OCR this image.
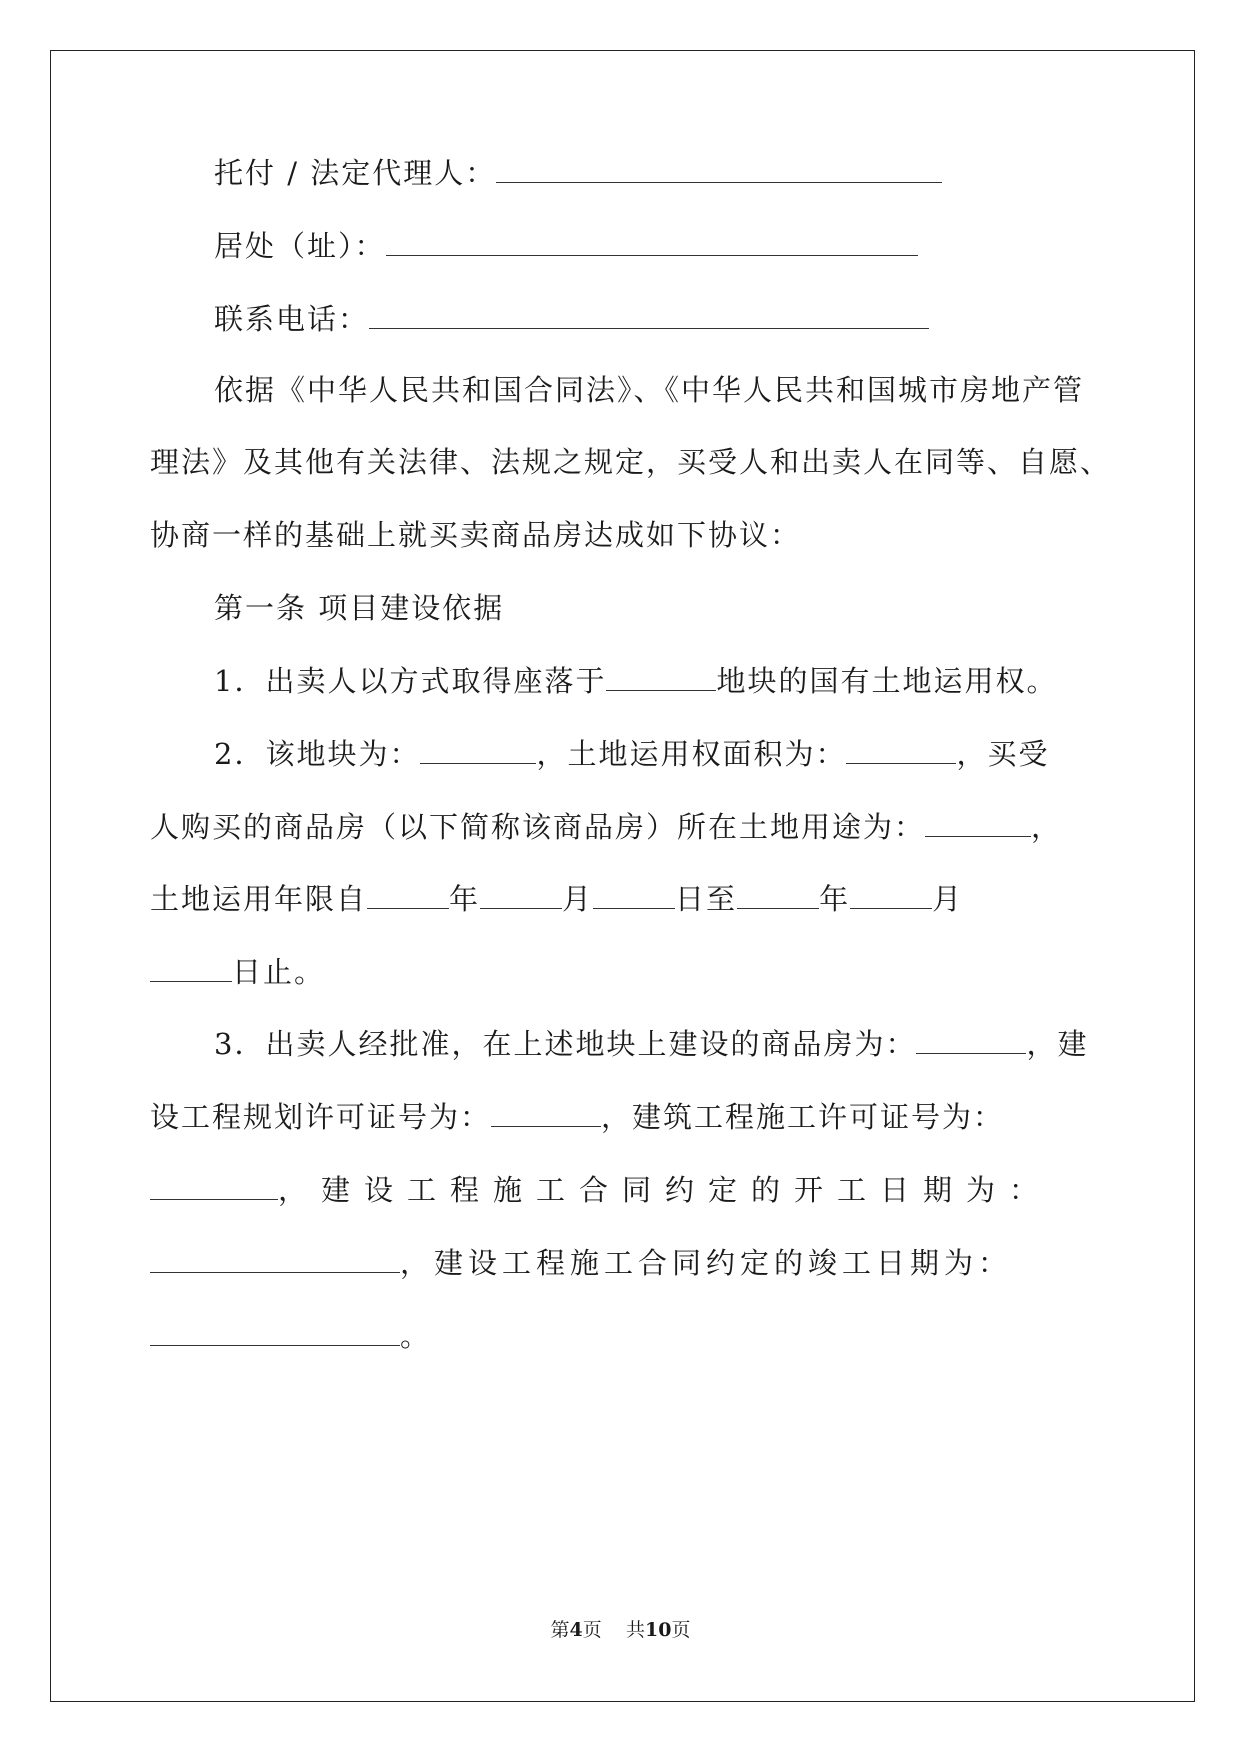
托付 / 法定代理人：
居处（址）：
联系电话：
依据《中华人民共和国合同法》、《中华人民共和国城市房地产管
理法》及其他有关法律、法规之规定，买受人和出卖人在同等、自愿、
协商一样的基础上就买卖商品房达成如下协议：
第一条 项目建设依据
1．出卖人以方式取得座落于	地块的国有土地运用权。
2．该地块为：	，土地运用权面积为：	，买受
人购买的商品房（以下简称该商品房）所在土地用途为：	，
土地运用年限自	年	月	日至	年	月
日止。
3．出卖人经批准，在上述地块上建设的商品房为：	，建
设工程规划许可证号为：	，建筑工程施工许可证号为：
，建设工程施工合同约定的开工日期为：
，建设工程施工合同约定的竣工日期为：
。
第4页 共10页
